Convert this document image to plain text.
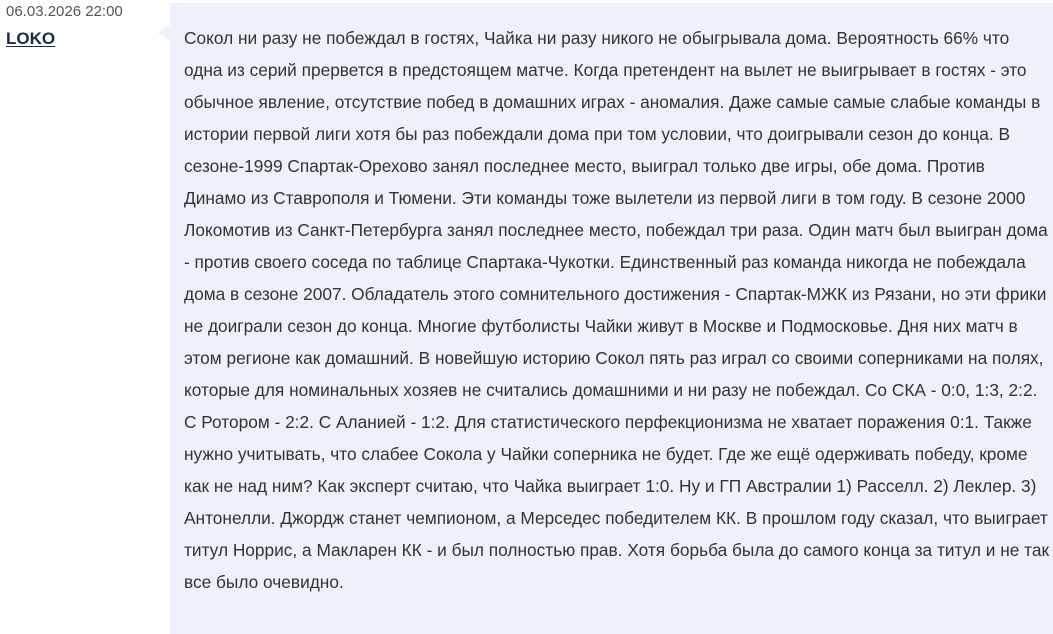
06.03.2026 22:00
LOKO	Сокол ни разу не побеждал в гостях, Чайка ни разу никого не обыгрывала дома. Вероятность 66% что одна из серий прервется в предстоящем матче. Когда претендент на вылет не выигрывает в гостях - это обычное явление, отсутствие побед в домашних играх - аномалия. Даже самые самые слабые команды в истории первой лиги хотя бы раз побеждали дома при том условии, что доигрывали сезон до конца. В сезоне-1999 Спартак-Орехово занял последнее место, выиграл только две игры, обе дома. Против Динамо из Ставрополя и Тюмени. Эти команды тоже вылетели из первой лиги в том году. В сезоне 2000 Локомотив из Санкт-Петербурга занял последнее место, побеждал три раза. Один матч был выигран дома - против своего соседа по таблице Спартака-Чукотки. Единственный раз команда никогда не побеждала дома в сезоне 2007. Обладатель этого сомнительного достижения - Спартак-МЖК из Рязани, но эти фрики не доиграли сезон до конца. Многие футболисты Чайки живут в Москве и Подмосковье. Дня них матч в этом регионе как домашний. В новейшую историю Сокол пять раз играл со своими соперниками на полях, которые для номинальных хозяев не считались домашними и ни разу не побеждал. Со СКА - 0:0, 1:3, 2:2. С Ротором - 2:2. С Аланией - 1:2. Для статистического перфекционизма не хватает поражения 0:1. Также нужно учитывать, что слабее Сокола у Чайки соперника не будет. Где же ещё одерживать победу, кроме как не над ним? Как эксперт считаю, что Чайка выиграет 1:0. Ну и ГП Австралии 1) Расселл. 2) Леклер. 3) Антонелли. Джордж станет чемпионом, а Мерседес победителем КК. В прошлом году сказал, что выиграет титул Норрис, а Макларен КК - и был полностью прав. Хотя борьба была до самого конца за титул и не так все было очевидно.
